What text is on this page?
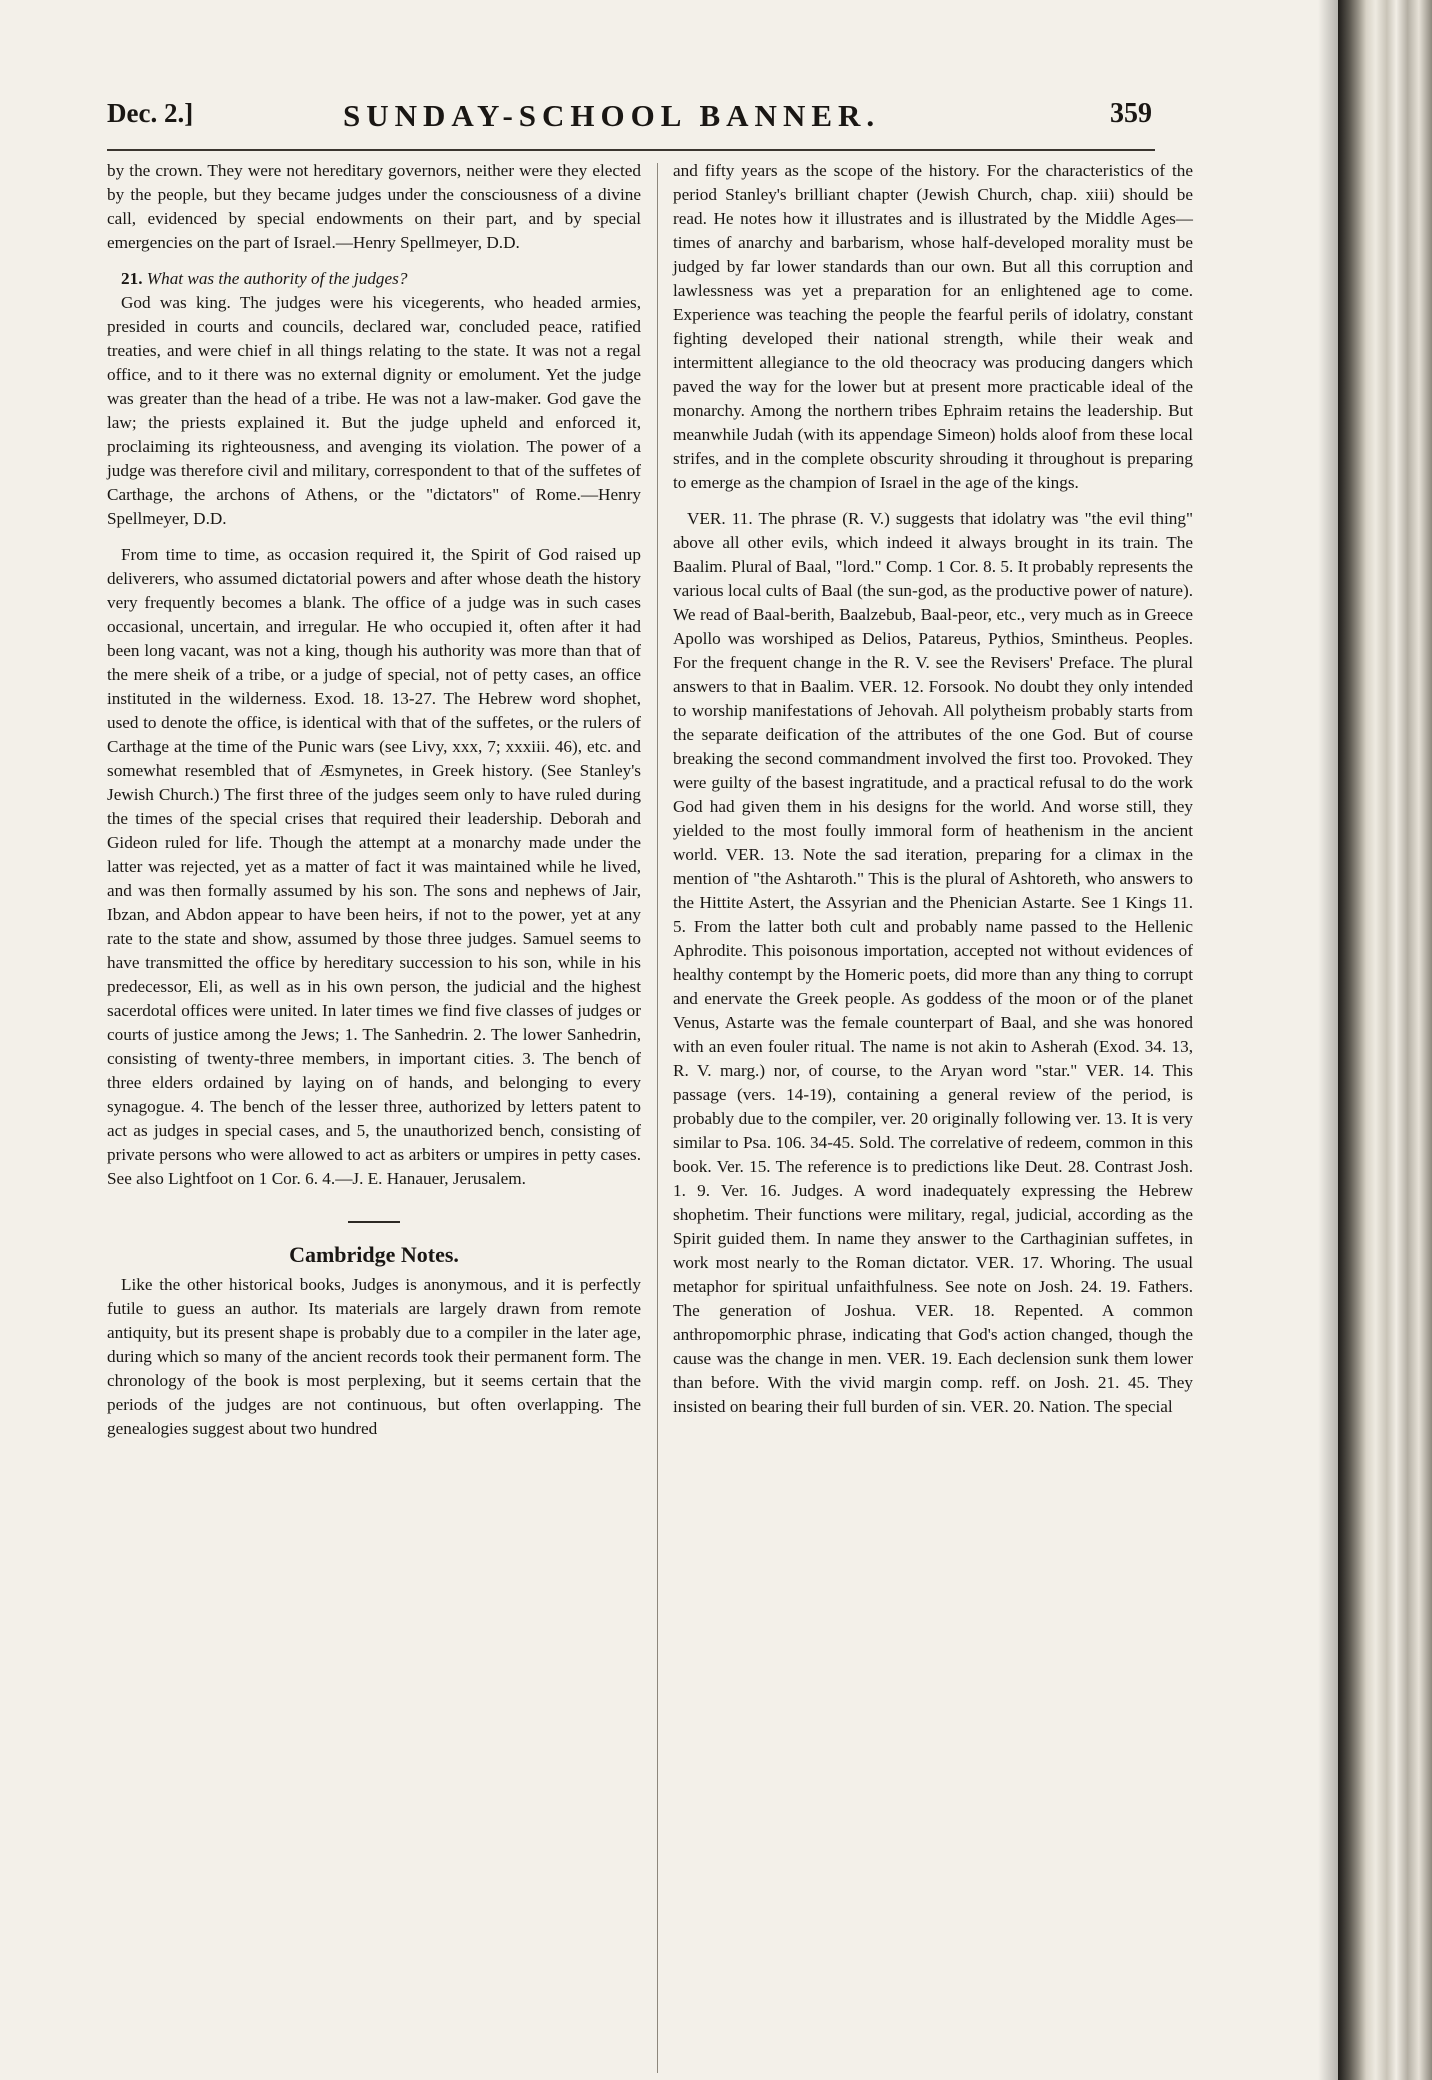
Dec. 2.]	SUNDAY-SCHOOL BANNER.	359

by the crown. They were not hereditary governors, neither were they elected by the people, but they became judges under the consciousness of a divine call, evidenced by special endowments on their part, and by special emergencies on the part of Israel.—Henry Spellmeyer, D.D.

21. What was the authority of the judges?

God was king. The judges were his vicegerents, who headed armies, presided in courts and councils, declared war, concluded peace, ratified treaties, and were chief in all things relating to the state. It was not a regal office, and to it there was no external dignity or emolument. Yet the judge was greater than the head of a tribe. He was not a law-maker. God gave the law; the priests explained it. But the judge upheld and enforced it, proclaiming its righteousness, and avenging its violation. The power of a judge was therefore civil and military, correspondent to that of the suffetes of Carthage, the archons of Athens, or the "dictators" of Rome.—Henry Spellmeyer, D.D.

From time to time, as occasion required it, the Spirit of God raised up deliverers, who assumed dictatorial powers and after whose death the history very frequently becomes a blank. The office of a judge was in such cases occasional, uncertain, and irregular. He who occupied it, often after it had been long vacant, was not a king, though his authority was more than that of the mere sheik of a tribe, or a judge of special, not of petty cases, an office instituted in the wilderness. Exod. 18. 13-27. The Hebrew word shophet, used to denote the office, is identical with that of the suffetes, or the rulers of Carthage at the time of the Punic wars (see Livy, xxx, 7; xxxiii. 46), etc. and somewhat resembled that of Æsmynetes, in Greek history. (See Stanley's Jewish Church.) The first three of the judges seem only to have ruled during the times of the special crises that required their leadership. Deborah and Gideon ruled for life. Though the attempt at a monarchy made under the latter was rejected, yet as a matter of fact it was maintained while he lived, and was then formally assumed by his son. The sons and nephews of Jair, Ibzan, and Abdon appear to have been heirs, if not to the power, yet at any rate to the state and show, assumed by those three judges. Samuel seems to have transmitted the office by hereditary succession to his son, while in his predecessor, Eli, as well as in his own person, the judicial and the highest sacerdotal offices were united. In later times we find five classes of judges or courts of justice among the Jews; 1. The Sanhedrin. 2. The lower Sanhedrin, consisting of twenty-three members, in important cities. 3. The bench of three elders ordained by laying on of hands, and belonging to every synagogue. 4. The bench of the lesser three, authorized by letters patent to act as judges in special cases, and 5, the unauthorized bench, consisting of private persons who were allowed to act as arbiters or umpires in petty cases. See also Lightfoot on 1 Cor. 6. 4.—J. E. Hanauer, Jerusalem.

Cambridge Notes.

Like the other historical books, Judges is anonymous, and it is perfectly futile to guess an author. Its materials are largely drawn from remote antiquity, but its present shape is probably due to a compiler in the later age, during which so many of the ancient records took their permanent form. The chronology of the book is most perplexing, but it seems certain that the periods of the judges are not continuous, but often overlapping. The genealogies suggest about two hundred

and fifty years as the scope of the history. For the characteristics of the period Stanley's brilliant chapter (Jewish Church, chap. xiii) should be read. He notes how it illustrates and is illustrated by the Middle Ages—times of anarchy and barbarism, whose half-developed morality must be judged by far lower standards than our own. But all this corruption and lawlessness was yet a preparation for an enlightened age to come. Experience was teaching the people the fearful perils of idolatry, constant fighting developed their national strength, while their weak and intermittent allegiance to the old theocracy was producing dangers which paved the way for the lower but at present more practicable ideal of the monarchy. Among the northern tribes Ephraim retains the leadership. But meanwhile Judah (with its appendage Simeon) holds aloof from these local strifes, and in the complete obscurity shrouding it throughout is preparing to emerge as the champion of Israel in the age of the kings.

VER. 11. The phrase (R. V.) suggests that idolatry was "the evil thing" above all other evils, which indeed it always brought in its train. The Baalim. Plural of Baal, "lord." Comp. 1 Cor. 8. 5. It probably represents the various local cults of Baal (the sun-god, as the productive power of nature). We read of Baal-berith, Baalzebub, Baal-peor, etc., very much as in Greece Apollo was worshiped as Delios, Patareus, Pythios, Smintheus. Peoples. For the frequent change in the R. V. see the Revisers' Preface. The plural answers to that in Baalim. VER. 12. Forsook. No doubt they only intended to worship manifestations of Jehovah. All polytheism probably starts from the separate deification of the attributes of the one God. But of course breaking the second commandment involved the first too. Provoked. They were guilty of the basest ingratitude, and a practical refusal to do the work God had given them in his designs for the world. And worse still, they yielded to the most foully immoral form of heathenism in the ancient world. VER. 13. Note the sad iteration, preparing for a climax in the mention of "the Ashtaroth." This is the plural of Ashtoreth, who answers to the Hittite Astert, the Assyrian and the Phenician Astarte. See 1 Kings 11. 5. From the latter both cult and probably name passed to the Hellenic Aphrodite. This poisonous importation, accepted not without evidences of healthy contempt by the Homeric poets, did more than any thing to corrupt and enervate the Greek people. As goddess of the moon or of the planet Venus, Astarte was the female counterpart of Baal, and she was honored with an even fouler ritual. The name is not akin to Asherah (Exod. 34. 13, R. V. marg.) nor, of course, to the Aryan word "star." VER. 14. This passage (vers. 14-19), containing a general review of the period, is probably due to the compiler, ver. 20 originally following ver. 13. It is very similar to Psa. 106. 34-45. Sold. The correlative of redeem, common in this book. Ver. 15. The reference is to predictions like Deut. 28. Contrast Josh. 1. 9. Ver. 16. Judges. A word inadequately expressing the Hebrew shophetim. Their functions were military, regal, judicial, according as the Spirit guided them. In name they answer to the Carthaginian suffetes, in work most nearly to the Roman dictator. VER. 17. Whoring. The usual metaphor for spiritual unfaithfulness. See note on Josh. 24. 19. Fathers. The generation of Joshua. VER. 18. Repented. A common anthropomorphic phrase, indicating that God's action changed, though the cause was the change in men. VER. 19. Each declension sunk them lower than before. With the vivid margin comp. reff. on Josh. 21. 45. They insisted on bearing their full burden of sin. VER. 20. Nation. The special
